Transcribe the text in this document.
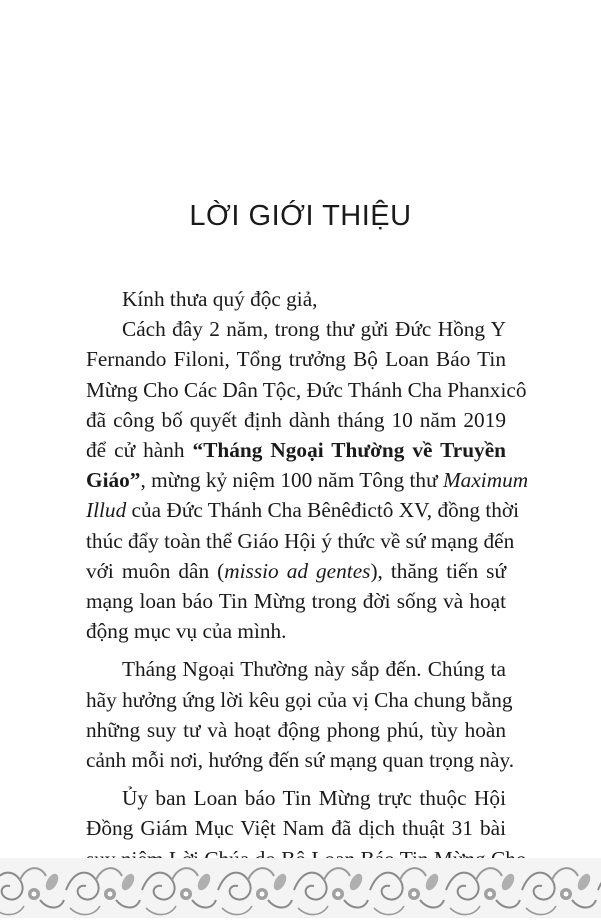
LỜI GIỚI THIỆU

Kính thưa quý độc giả,

Cách đây 2 năm, trong thư gửi Đức Hồng Y
Fernando Filoni, Tổng trưởng Bộ Loan Báo Tin
Mừng Cho Các Dân Tộc, Đức Thánh Cha Phanxicô
đã công bố quyết định dành tháng 10 năm 2019
để cử hành “Tháng Ngoại Thường về Truyền
Giáo”, mừng kỷ niệm 100 năm Tông thư Maximum
Illud của Đức Thánh Cha Bênêđictô XV, đồng thời
thúc đẩy toàn thể Giáo Hội ý thức về sứ mạng đến
với muôn dân (missio ad gentes), thăng tiến sứ
mạng loan báo Tin Mừng trong đời sống và hoạt
động mục vụ của mình.

Tháng Ngoại Thường này sắp đến. Chúng ta
hãy hưởng ứng lời kêu gọi của vị Cha chung bằng
những suy tư và hoạt động phong phú, tùy hoàn
cảnh mỗi nơi, hướng đến sứ mạng quan trọng này.

Ủy ban Loan báo Tin Mừng trực thuộc Hội
Đồng Giám Mục Việt Nam đã dịch thuật 31 bài
